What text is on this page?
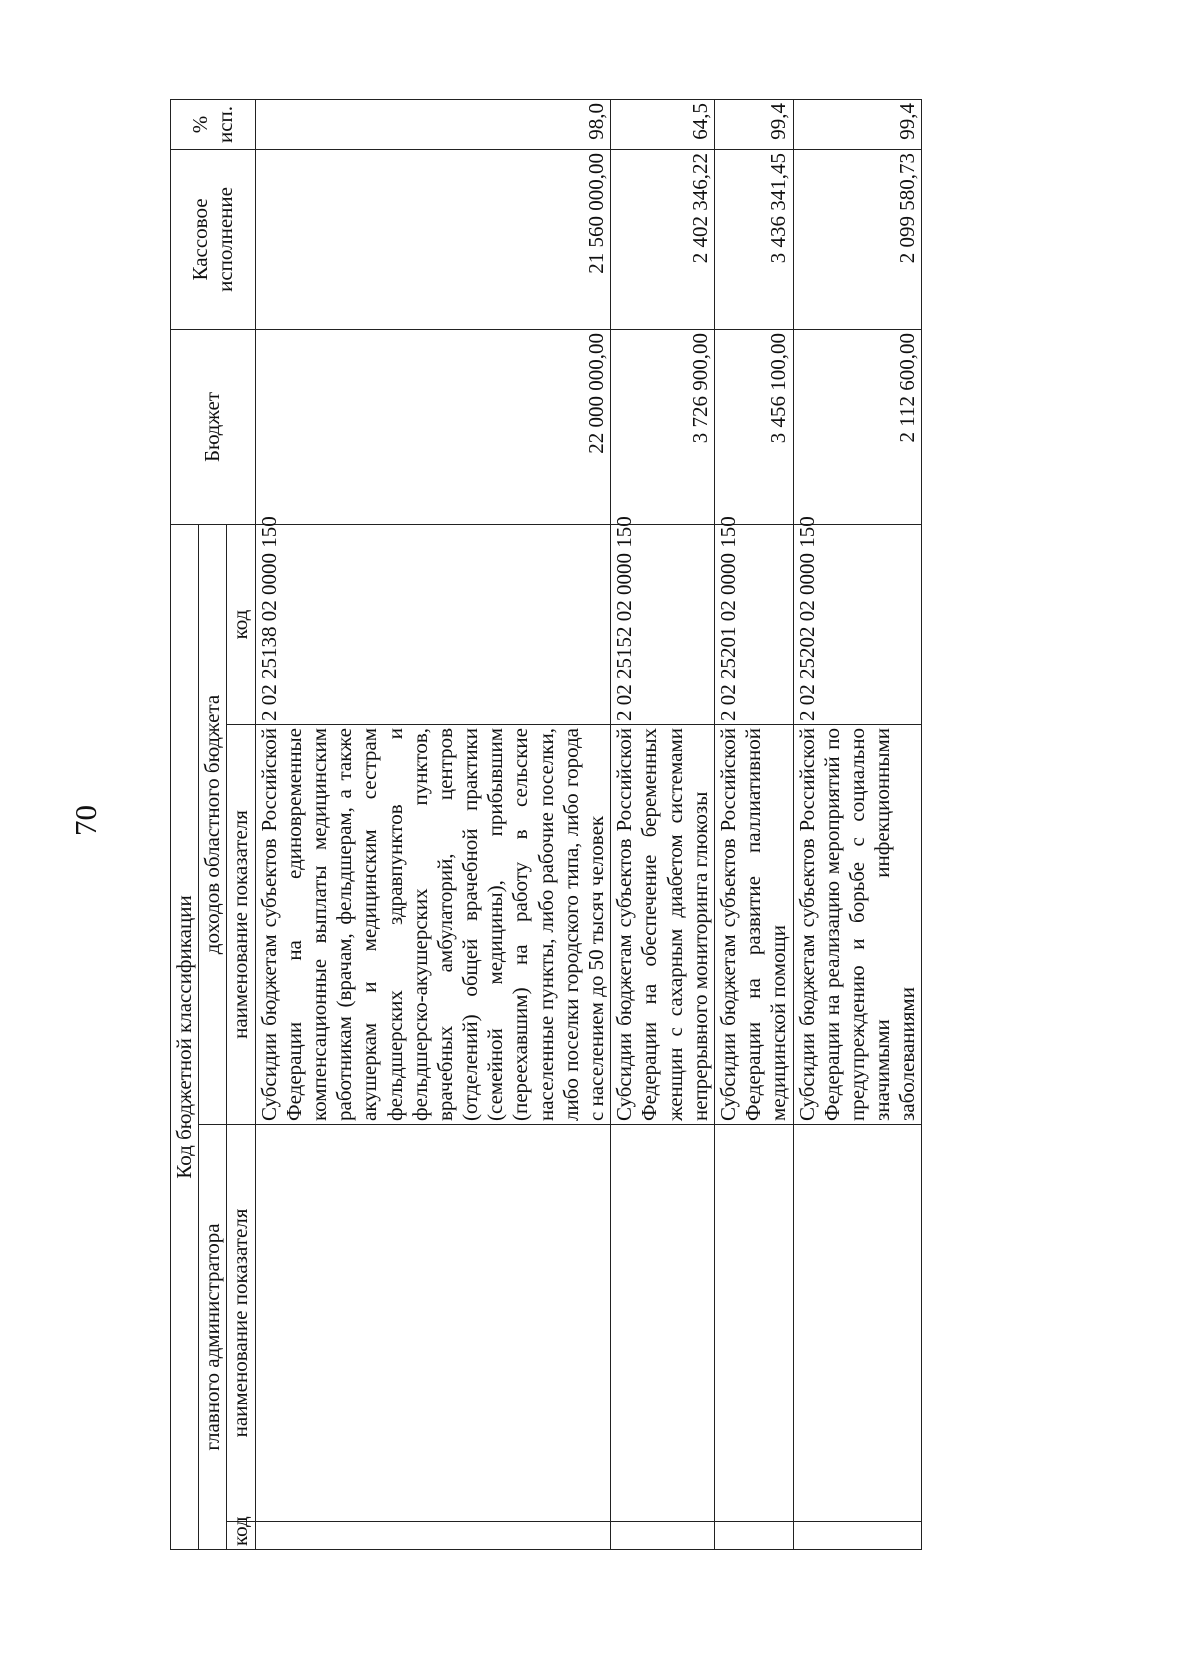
70
Код бюджетной классификации				Бюджет	Кассовое исполнение	% исп.
главного администратора		доходов областного бюджета				
код	наименование показателя	наименование показателя	код			
		Субсидии бюджетам субъектов Российской Федерации на единовременные компенсационные выплаты медицинским работникам (врачам, фельдшерам, а также акушеркам и медицинским сестрам фельдшерских здравпунктов и фельдшерско-акушерских пунктов, врачебных амбулаторий, центров (отделений) общей врачебной практики (семейной медицины), прибывшим (переехавшим) на работу в сельские населенные пункты, либо рабочие поселки, либо поселки городского типа, либо города с населением до 50 тысяч человек	2 02 25138 02 0000 150	22 000 000,00	21 560 000,00	98,0
		Субсидии бюджетам субъектов Российской Федерации на обеспечение беременных женщин с сахарным диабетом системами непрерывного мониторинга глюкозы	2 02 25152 02 0000 150	3 726 900,00	2 402 346,22	64,5
		Субсидии бюджетам субъектов Российской Федерации на развитие паллиативной медицинской помощи	2 02 25201 02 0000 150	3 456 100,00	3 436 341,45	99,4
		Субсидии бюджетам субъектов Российской Федерации на реализацию мероприятий по предупреждению и борьбе с социально значимыми инфекционными заболеваниями	2 02 25202 02 0000 150	2 112 600,00	2 099 580,73	99,4
